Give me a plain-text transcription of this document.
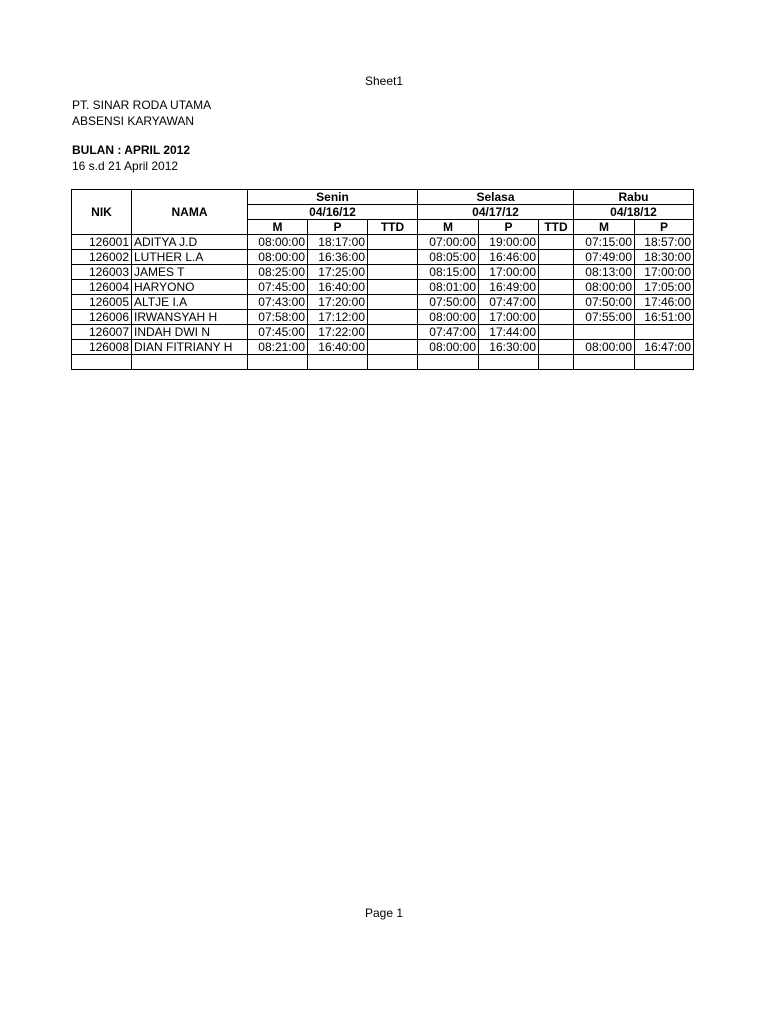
Sheet1
PT. SINAR RODA UTAMA
ABSENSI KARYAWAN
BULAN : APRIL 2012
16 s.d 21 April 2012
NIK	NAMA	Senin			Selasa			Rabu	
		04/16/12			04/17/12			04/18/12	
		M	P	TTD	M	P	TTD	M	P
126001	ADITYA J.D	08:00:00	18:17:00		07:00:00	19:00:00		07:15:00	18:57:00
126002	LUTHER L.A	08:00:00	16:36:00		08:05:00	16:46:00		07:49:00	18:30:00
126003	JAMES T	08:25:00	17:25:00		08:15:00	17:00:00		08:13:00	17:00:00
126004	HARYONO	07:45:00	16:40:00		08:01:00	16:49:00		08:00:00	17:05:00
126005	ALTJE I.A	07:43:00	17:20:00		07:50:00	07:47:00		07:50:00	17:46:00
126006	IRWANSYAH H	07:58:00	17:12:00		08:00:00	17:00:00		07:55:00	16:51:00
126007	INDAH DWI N	07:45:00	17:22:00		07:47:00	17:44:00			
126008	DIAN FITRIANY H	08:21:00	16:40:00		08:00:00	16:30:00		08:00:00	16:47:00

Page 1
